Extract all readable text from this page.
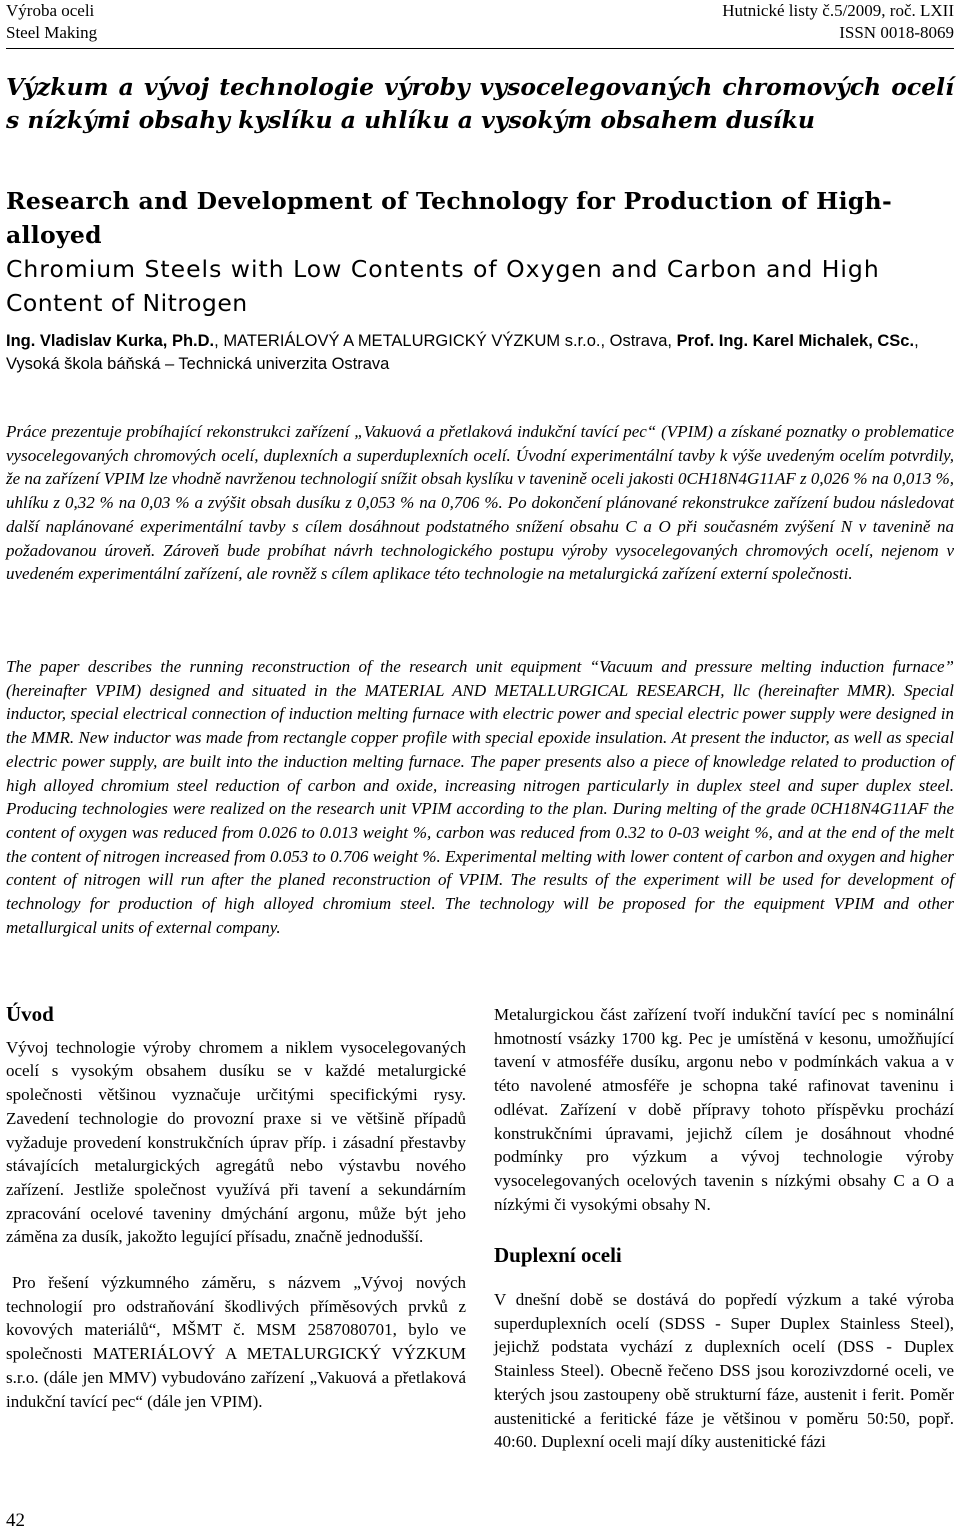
Výroba oceli	Hutnické listy č.5/2009, roč. LXII
Steel Making	ISSN 0018-8069
Výzkum a vývoj technologie výroby vysocelegovaných chromových ocelí
s nízkými obsahy kyslíku a uhlíku a vysokým obsahem dusíku
Research and Development of Technology for Production of High-alloyed
Chromium Steels with Low Contents of Oxygen and Carbon and High
Content of Nitrogen
Ing. Vladislav Kurka, Ph.D., MATERIÁLOVÝ A METALURGICKÝ VÝZKUM s.r.o., Ostrava, Prof. Ing. Karel Michalek, CSc., Vysoká škola báňská – Technická univerzita Ostrava

Práce prezentuje probíhající rekonstrukci zařízení „Vakuová a přetlaková indukční tavící pec“ (VPIM) a získané poznatky o problematice vysocelegovaných chromových ocelí, duplexních a superduplexních ocelí. Úvodní experimentální tavby k výše uvedeným ocelím potvrdily, že na zařízení VPIM lze vhodně navrženou technologií snížit obsah kyslíku v tavenině oceli jakosti 0CH18N4G11AF z 0,026 % na 0,013 %, uhlíku z 0,32 % na 0,03 % a zvýšit obsah dusíku z 0,053 % na 0,706 %. Po dokončení plánované rekonstrukce zařízení budou následovat další naplánované experimentální tavby s cílem dosáhnout podstatného snížení obsahu C a O při současném zvýšení N v tavenině na požadovanou úroveň. Zároveň bude probíhat návrh technologického postupu výroby vysocelegovaných chromových ocelí, nejenom v uvedeném experimentální zařízení, ale rovněž s cílem aplikace této technologie na metalurgická zařízení externí společnosti.

The paper describes the running reconstruction of the research unit equipment “Vacuum and pressure melting induction furnace” (hereinafter VPIM) designed and situated in the MATERIAL AND METALLURGICAL RESEARCH, llc (hereinafter MMR). Special inductor, special electrical connection of induction melting furnace with electric power and special electric power supply were designed in the MMR. New inductor was made from rectangle copper profile with special epoxide insulation. At present the inductor, as well as special electric power supply, are built into the induction melting furnace. The paper presents also a piece of knowledge related to production of high alloyed chromium steel reduction of carbon and oxide, increasing nitrogen particularly in duplex steel and super duplex steel. Producing technologies were realized on the research unit VPIM according to the plan. During melting of the grade 0CH18N4G11AF the content of oxygen was reduced from 0.026 to 0.013 weight %, carbon was reduced from 0.32 to 0-03 weight %, and at the end of the melt the content of nitrogen increased from 0.053 to 0.706 weight %. Experimental melting with lower content of carbon and oxygen and higher content of nitrogen will run after the planed reconstruction of VPIM. The results of the experiment will be used for development of technology for production of high alloyed chromium steel. The technology will be proposed for the equipment VPIM and other metallurgical units of external company.

Úvod

Vývoj technologie výroby chromem a niklem vysocelegovaných ocelí s vysokým obsahem dusíku se v každé metalurgické společnosti většinou vyznačuje určitými specifickými rysy. Zavedení technologie do provozní praxe si ve většině případů vyžaduje provedení konstrukčních úprav příp. i zásadní přestavby stávajících metalurgických agregátů nebo výstavbu nového zařízení. Jestliže společnost využívá při tavení a sekundárním zpracování ocelové taveniny dmýchání argonu, může být jeho záměna za dusík, jakožto legující přísadu, značně jednodušší.

Pro řešení výzkumného záměru, s názvem „Vývoj nových technologií pro odstraňování škodlivých příměsových prvků z kovových materiálů“, MŠMT č. MSM 2587080701, bylo ve společnosti MATERIÁLOVÝ A METALURGICKÝ VÝZKUM s.r.o. (dále jen MMV) vybudováno zařízení „Vakuová a přetlaková indukční tavící pec“ (dále jen VPIM).

Metalurgickou část zařízení tvoří indukční tavící pec s nominální hmotností vsázky 1700 kg. Pec je umístěná v kesonu, umožňující tavení v atmosféře dusíku, argonu nebo v podmínkách vakua a v této navolené atmosféře je schopna také rafinovat taveninu i odlévat. Zařízení v době přípravy tohoto příspěvku prochází konstrukčními úpravami, jejichž cílem je dosáhnout vhodné podmínky pro výzkum a vývoj technologie výroby vysocelegovaných ocelových tavenin s nízkými obsahy C a O a nízkými či vysokými obsahy N.

Duplexní oceli

V dnešní době se dostává do popředí výzkum a také výroba superduplexních ocelí (SDSS - Super Duplex Stainless Steel), jejichž podstata vychází z duplexních ocelí (DSS - Duplex Stainless Steel). Obecně řečeno DSS jsou korozivzdorné oceli, ve kterých jsou zastoupeny obě strukturní fáze, austenit i ferit. Poměr austenitické a feritické fáze je většinou v poměru 50:50, popř. 40:60. Duplexní oceli mají díky austenitické fázi

42
